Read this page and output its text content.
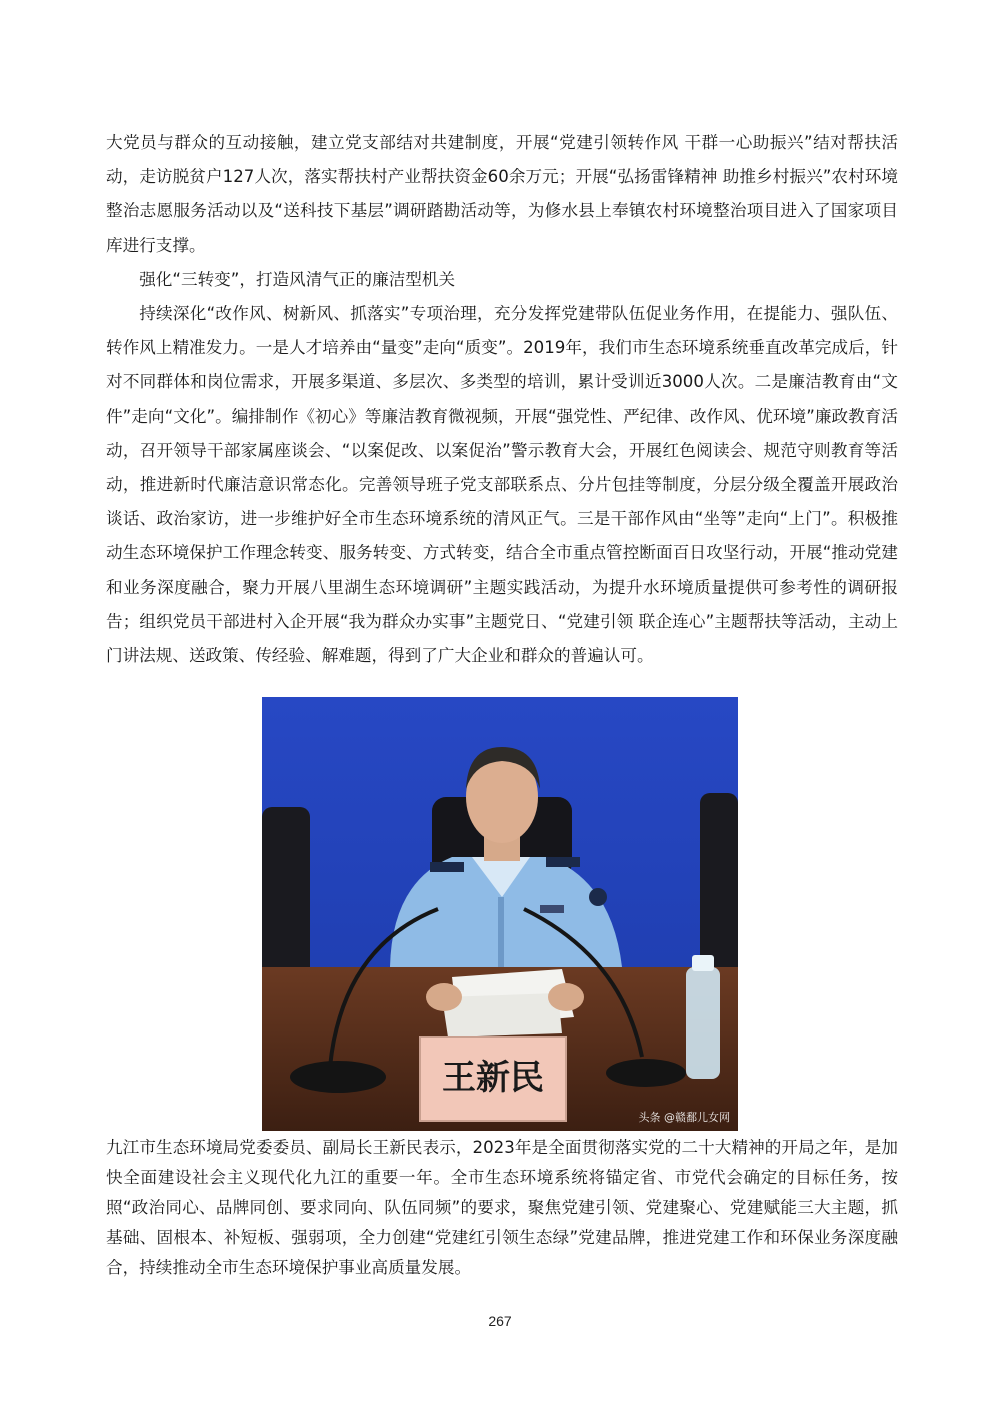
大党员与群众的互动接触，建立党支部结对共建制度，开展“党建引领转作风 干群一心助振兴”结对帮扶活动，走访脱贫户127人次，落实帮扶村产业帮扶资金60余万元；开展“弘扬雷锋精神 助推乡村振兴”农村环境整治志愿服务活动以及“送科技下基层”调研踏勘活动等，为修水县上奉镇农村环境整治项目进入了国家项目库进行支撑。

强化“三转变”，打造风清气正的廉洁型机关

持续深化“改作风、树新风、抓落实”专项治理，充分发挥党建带队伍促业务作用，在提能力、强队伍、转作风上精准发力。一是人才培养由“量变”走向“质变”。2019年，我们市生态环境系统垂直改革完成后，针对不同群体和岗位需求，开展多渠道、多层次、多类型的培训，累计受训近3000人次。二是廉洁教育由“文件”走向“文化”。编排制作《初心》等廉洁教育微视频，开展“强党性、严纪律、改作风、优环境”廉政教育活动，召开领导干部家属座谈会、“以案促改、以案促治”警示教育大会，开展红色阅读会、规范守则教育等活动，推进新时代廉洁意识常态化。完善领导班子党支部联系点、分片包挂等制度，分层分级全覆盖开展政治谈话、政治家访，进一步维护好全市生态环境系统的清风正气。三是干部作风由“坐等”走向“上门”。积极推动生态环境保护工作理念转变、服务转变、方式转变，结合全市重点管控断面百日攻坚行动，开展“推动党建和业务深度融合，聚力开展八里湖生态环境调研”主题实践活动，为提升水环境质量提供可参考性的调研报告；组织党员干部进村入企开展“我为群众办实事”主题党日、“党建引领 联企连心”主题帮扶等活动，主动上门讲法规、送政策、传经验、解难题，得到了广大企业和群众的普遍认可。

王新民
头条 @赣鄱儿女网

九江市生态环境局党委委员、副局长王新民表示，2023年是全面贯彻落实党的二十大精神的开局之年，是加快全面建设社会主义现代化九江的重要一年。全市生态环境系统将锚定省、市党代会确定的目标任务，按照“政治同心、品牌同创、要求同向、队伍同频”的要求，聚焦党建引领、党建聚心、党建赋能三大主题，抓基础、固根本、补短板、强弱项，全力创建“党建红引领生态绿”党建品牌，推进党建工作和环保业务深度融合，持续推动全市生态环境保护事业高质量发展。

267
